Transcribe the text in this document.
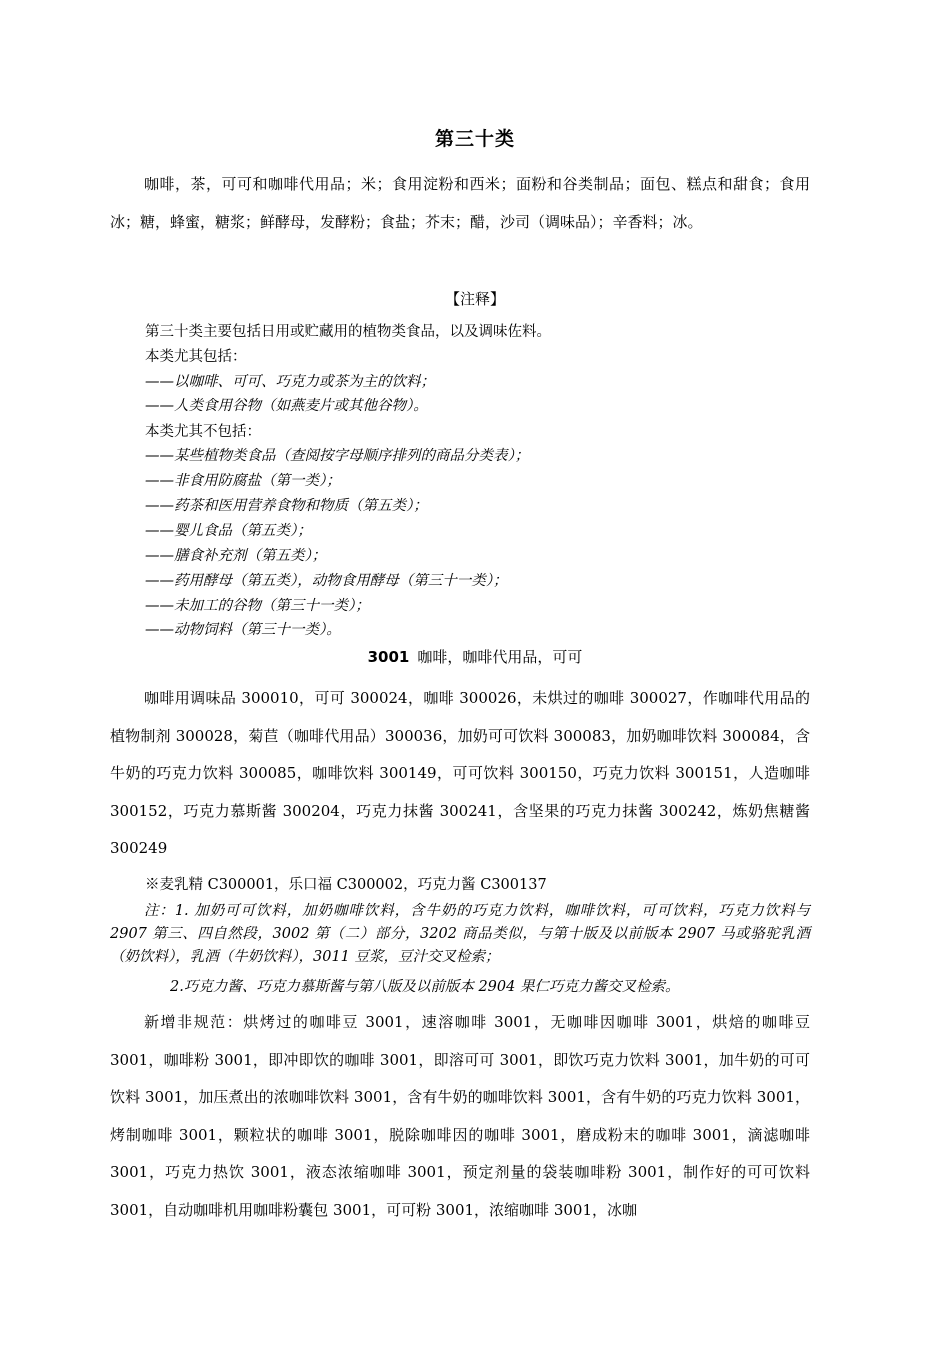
第三十类

咖啡，茶，可可和咖啡代用品；米；食用淀粉和西米；面粉和谷类制品；面包、糕点和甜食；食用冰；糖，蜂蜜，糖浆；鲜酵母，发酵粉；食盐；芥末；醋，沙司（调味品）；辛香料；冰。

【注释】
第三十类主要包括日用或贮藏用的植物类食品，以及调味佐料。
本类尤其包括：
——以咖啡、可可、巧克力或茶为主的饮料；
——人类食用谷物（如燕麦片或其他谷物）。
本类尤其不包括：
——某些植物类食品（查阅按字母顺序排列的商品分类表）；
——非食用防腐盐（第一类）；
——药茶和医用营养食物和物质（第五类）；
——婴儿食品（第五类）；
——膳食补充剂（第五类）；
——药用酵母（第五类），动物食用酵母（第三十一类）；
——未加工的谷物（第三十一类）；
——动物饲料（第三十一类）。
3001 咖啡，咖啡代用品，可可

咖啡用调味品 300010，可可 300024，咖啡 300026，未烘过的咖啡 300027，作咖啡代用品的植物制剂 300028，菊苣（咖啡代用品）300036，加奶可可饮料 300083，加奶咖啡饮料 300084，含牛奶的巧克力饮料 300085，咖啡饮料 300149，可可饮料 300150，巧克力饮料 300151，人造咖啡 300152，巧克力慕斯酱 300204，巧克力抹酱 300241，含坚果的巧克力抹酱 300242，炼奶焦糖酱 300249

※麦乳精 C300001，乐口福 C300002，巧克力酱 C300137

注：1. 加奶可可饮料，加奶咖啡饮料，含牛奶的巧克力饮料，咖啡饮料，可可饮料，巧克力饮料与 2907 第三、四自然段，3002 第（二）部分，3202 商品类似，与第十版及以前版本 2907 马或骆驼乳酒（奶饮料），乳酒（牛奶饮料），3011 豆浆，豆汁交叉检索；

2.巧克力酱、巧克力慕斯酱与第八版及以前版本 2904 果仁巧克力酱交叉检索。

新增非规范：烘烤过的咖啡豆 3001，速溶咖啡 3001，无咖啡因咖啡 3001，烘焙的咖啡豆 3001，咖啡粉 3001，即冲即饮的咖啡 3001，即溶可可 3001，即饮巧克力饮料 3001，加牛奶的可可饮料 3001，加压煮出的浓咖啡饮料 3001，含有牛奶的咖啡饮料 3001，含有牛奶的巧克力饮料 3001，烤制咖啡 3001，颗粒状的咖啡 3001，脱除咖啡因的咖啡 3001，磨成粉末的咖啡 3001，滴滤咖啡 3001，巧克力热饮 3001，液态浓缩咖啡 3001，预定剂量的袋装咖啡粉 3001，制作好的可可饮料 3001，自动咖啡机用咖啡粉囊包 3001，可可粉 3001，浓缩咖啡 3001，冰咖
